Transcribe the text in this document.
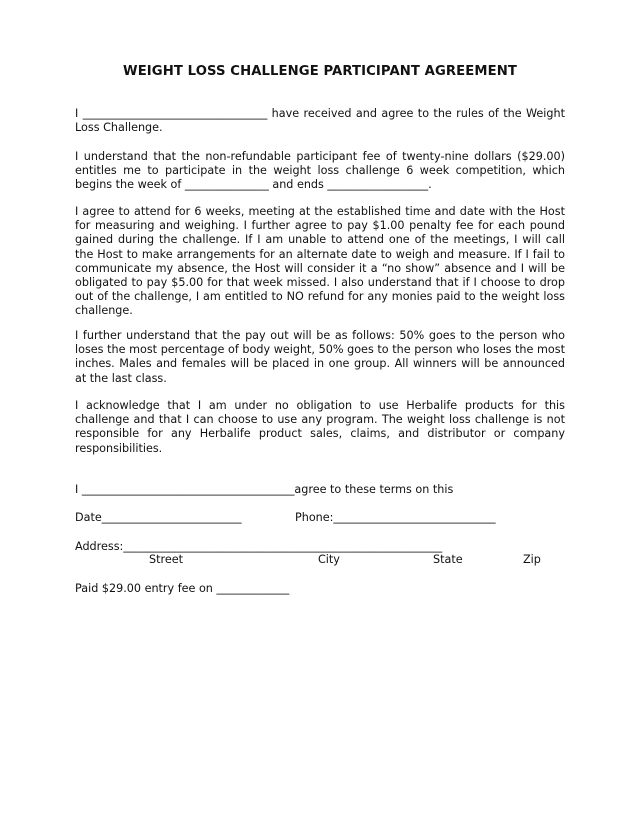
WEIGHT LOSS CHALLENGE PARTICIPANT AGREEMENT
I _________________________________ have received and agree to the rules of the Weight Loss Challenge.
I understand that the non-refundable participant fee of twenty-nine dollars ($29.00) entitles me to participate in the weight loss challenge 6 week competition, which begins the week of _______________ and ends __________________.
I agree to attend for 6 weeks, meeting at the established time and date with the Host for measuring and weighing. I further agree to pay $1.00 penalty fee for each pound gained during the challenge. If I am unable to attend one of the meetings, I will call the Host to make arrangements for an alternate date to weigh and measure. If I fail to communicate my absence, the Host will consider it a “no show” absence and I will be obligated to pay $5.00 for that week missed. I also understand that if I choose to drop out of the challenge, I am entitled to NO refund for any monies paid to the weight loss challenge.
I further understand that the pay out will be as follows: 50% goes to the person who loses the most percentage of body weight, 50% goes to the person who loses the most inches. Males and females will be placed in one group. All winners will be announced at the last class.
I acknowledge that I am under no obligation to use Herbalife products for this challenge and that I can choose to use any program. The weight loss challenge is not responsible for any Herbalife product sales, claims, and distributor or company responsibilities.
I ______________________________________agree to these terms on this
Date_________________________	Phone:_____________________________
Address:_________________________________________________________
Street	City	State	Zip
Paid $29.00 entry fee on _____________
